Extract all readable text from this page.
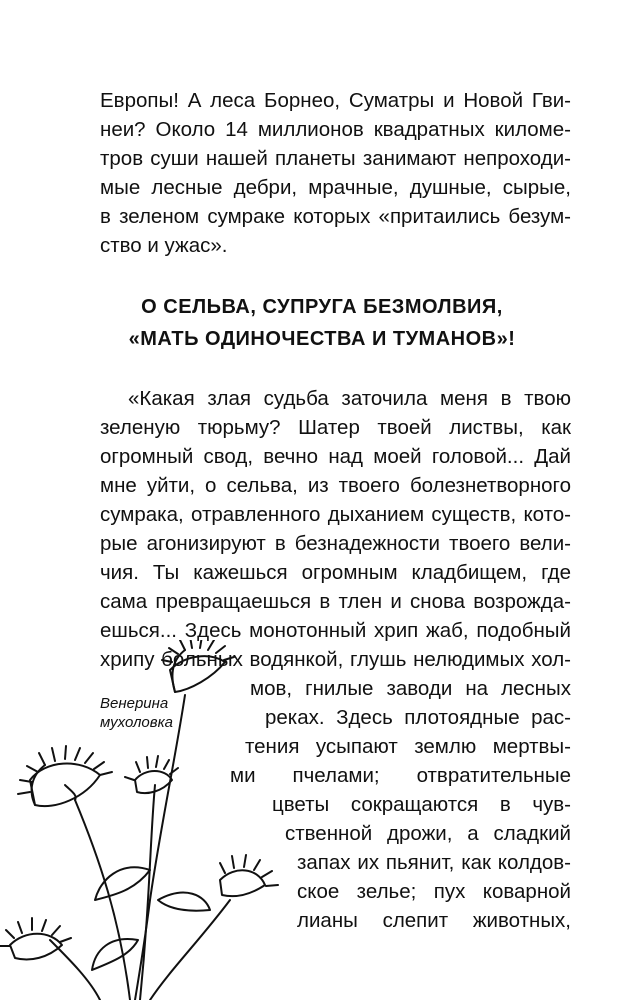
Европы! А леса Борнео, Суматры и Новой Гви-
неи? Около 14 миллионов квадратных киломе-
тров суши нашей планеты занимают непроходи-
мые лесные дебри, мрачные, душные, сырые,
в зеленом сумраке которых «притаились безум-
ство и ужас».
О СЕЛЬВА, СУПРУГА БЕЗМОЛВИЯ,
«МАТЬ ОДИНОЧЕСТВА И ТУМАНОВ»!
«Какая злая судьба заточила меня в твою
зеленую тюрьму? Шатер твоей листвы, как
огромный свод, вечно над моей головой... Дай
мне уйти, о сельва, из твоего болезнетворного
сумрака, отравленного дыханием существ, кото-
рые агонизируют в безнадежности твоего вели-
чия. Ты кажешься огромным кладбищем, где
сама превращаешься в тлен и снова возрожда-
ешься... Здесь монотонный хрип жаб, подобный
хрипу больных водянкой, глушь нелюдимых хол-
мов, гнилые заводи на лесных
реках. Здесь плотоядные рас-
тения усыпают землю мертвы-
ми пчелами; отвратительные
цветы сокращаются в чув-
ственной дрожи, а сладкий
запах их пьянит, как колдов-
ское зелье; пух коварной
лианы слепит животных,
Венерина
мухоловка
